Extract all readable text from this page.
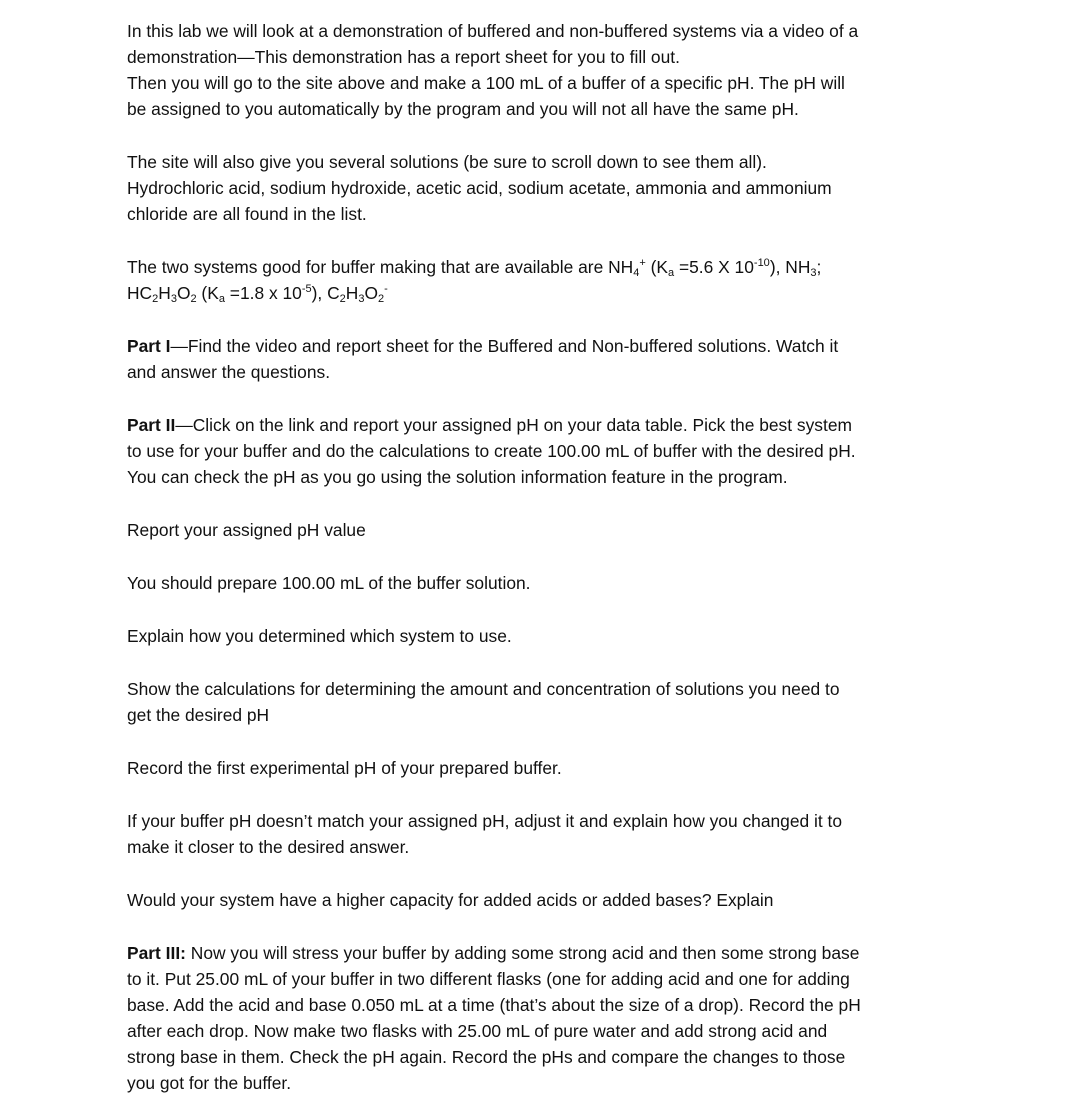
In this lab we will look at a demonstration of buffered and non-buffered systems via a video of a
demonstration—This demonstration has a report sheet for you to fill out.
Then you will go to the site above and make a 100 mL of a buffer of a specific pH. The pH will
be assigned to you automatically by the program and you will not all have the same pH.

The site will also give you several solutions (be sure to scroll down to see them all).
Hydrochloric acid, sodium hydroxide, acetic acid, sodium acetate, ammonia and ammonium
chloride are all found in the list.

The two systems good for buffer making that are available are $NH_4^+$ ($K_a =5.6$ X $10^{-10}$), $NH_3$;
$HC_2H_3O_2$ ($K_a =1.8$ x $10^{-5}$), $C_2H_3O_2^-$

Part I—Find the video and report sheet for the Buffered and Non-buffered solutions. Watch it
and answer the questions.

Part II—Click on the link and report your assigned pH on your data table. Pick the best system
to use for your buffer and do the calculations to create 100.00 mL of buffer with the desired pH.
You can check the pH as you go using the solution information feature in the program.

Report your assigned pH value

You should prepare 100.00 mL of the buffer solution.

Explain how you determined which system to use.

Show the calculations for determining the amount and concentration of solutions you need to
get the desired pH

Record the first experimental pH of your prepared buffer.

If your buffer pH doesn’t match your assigned pH, adjust it and explain how you changed it to
make it closer to the desired answer.

Would your system have a higher capacity for added acids or added bases? Explain

Part III: Now you will stress your buffer by adding some strong acid and then some strong base
to it. Put 25.00 mL of your buffer in two different flasks (one for adding acid and one for adding
base. Add the acid and base 0.050 mL at a time (that’s about the size of a drop). Record the pH
after each drop. Now make two flasks with 25.00 mL of pure water and add strong acid and
strong base in them. Check the pH again. Record the pHs and compare the changes to those
you got for the buffer.
